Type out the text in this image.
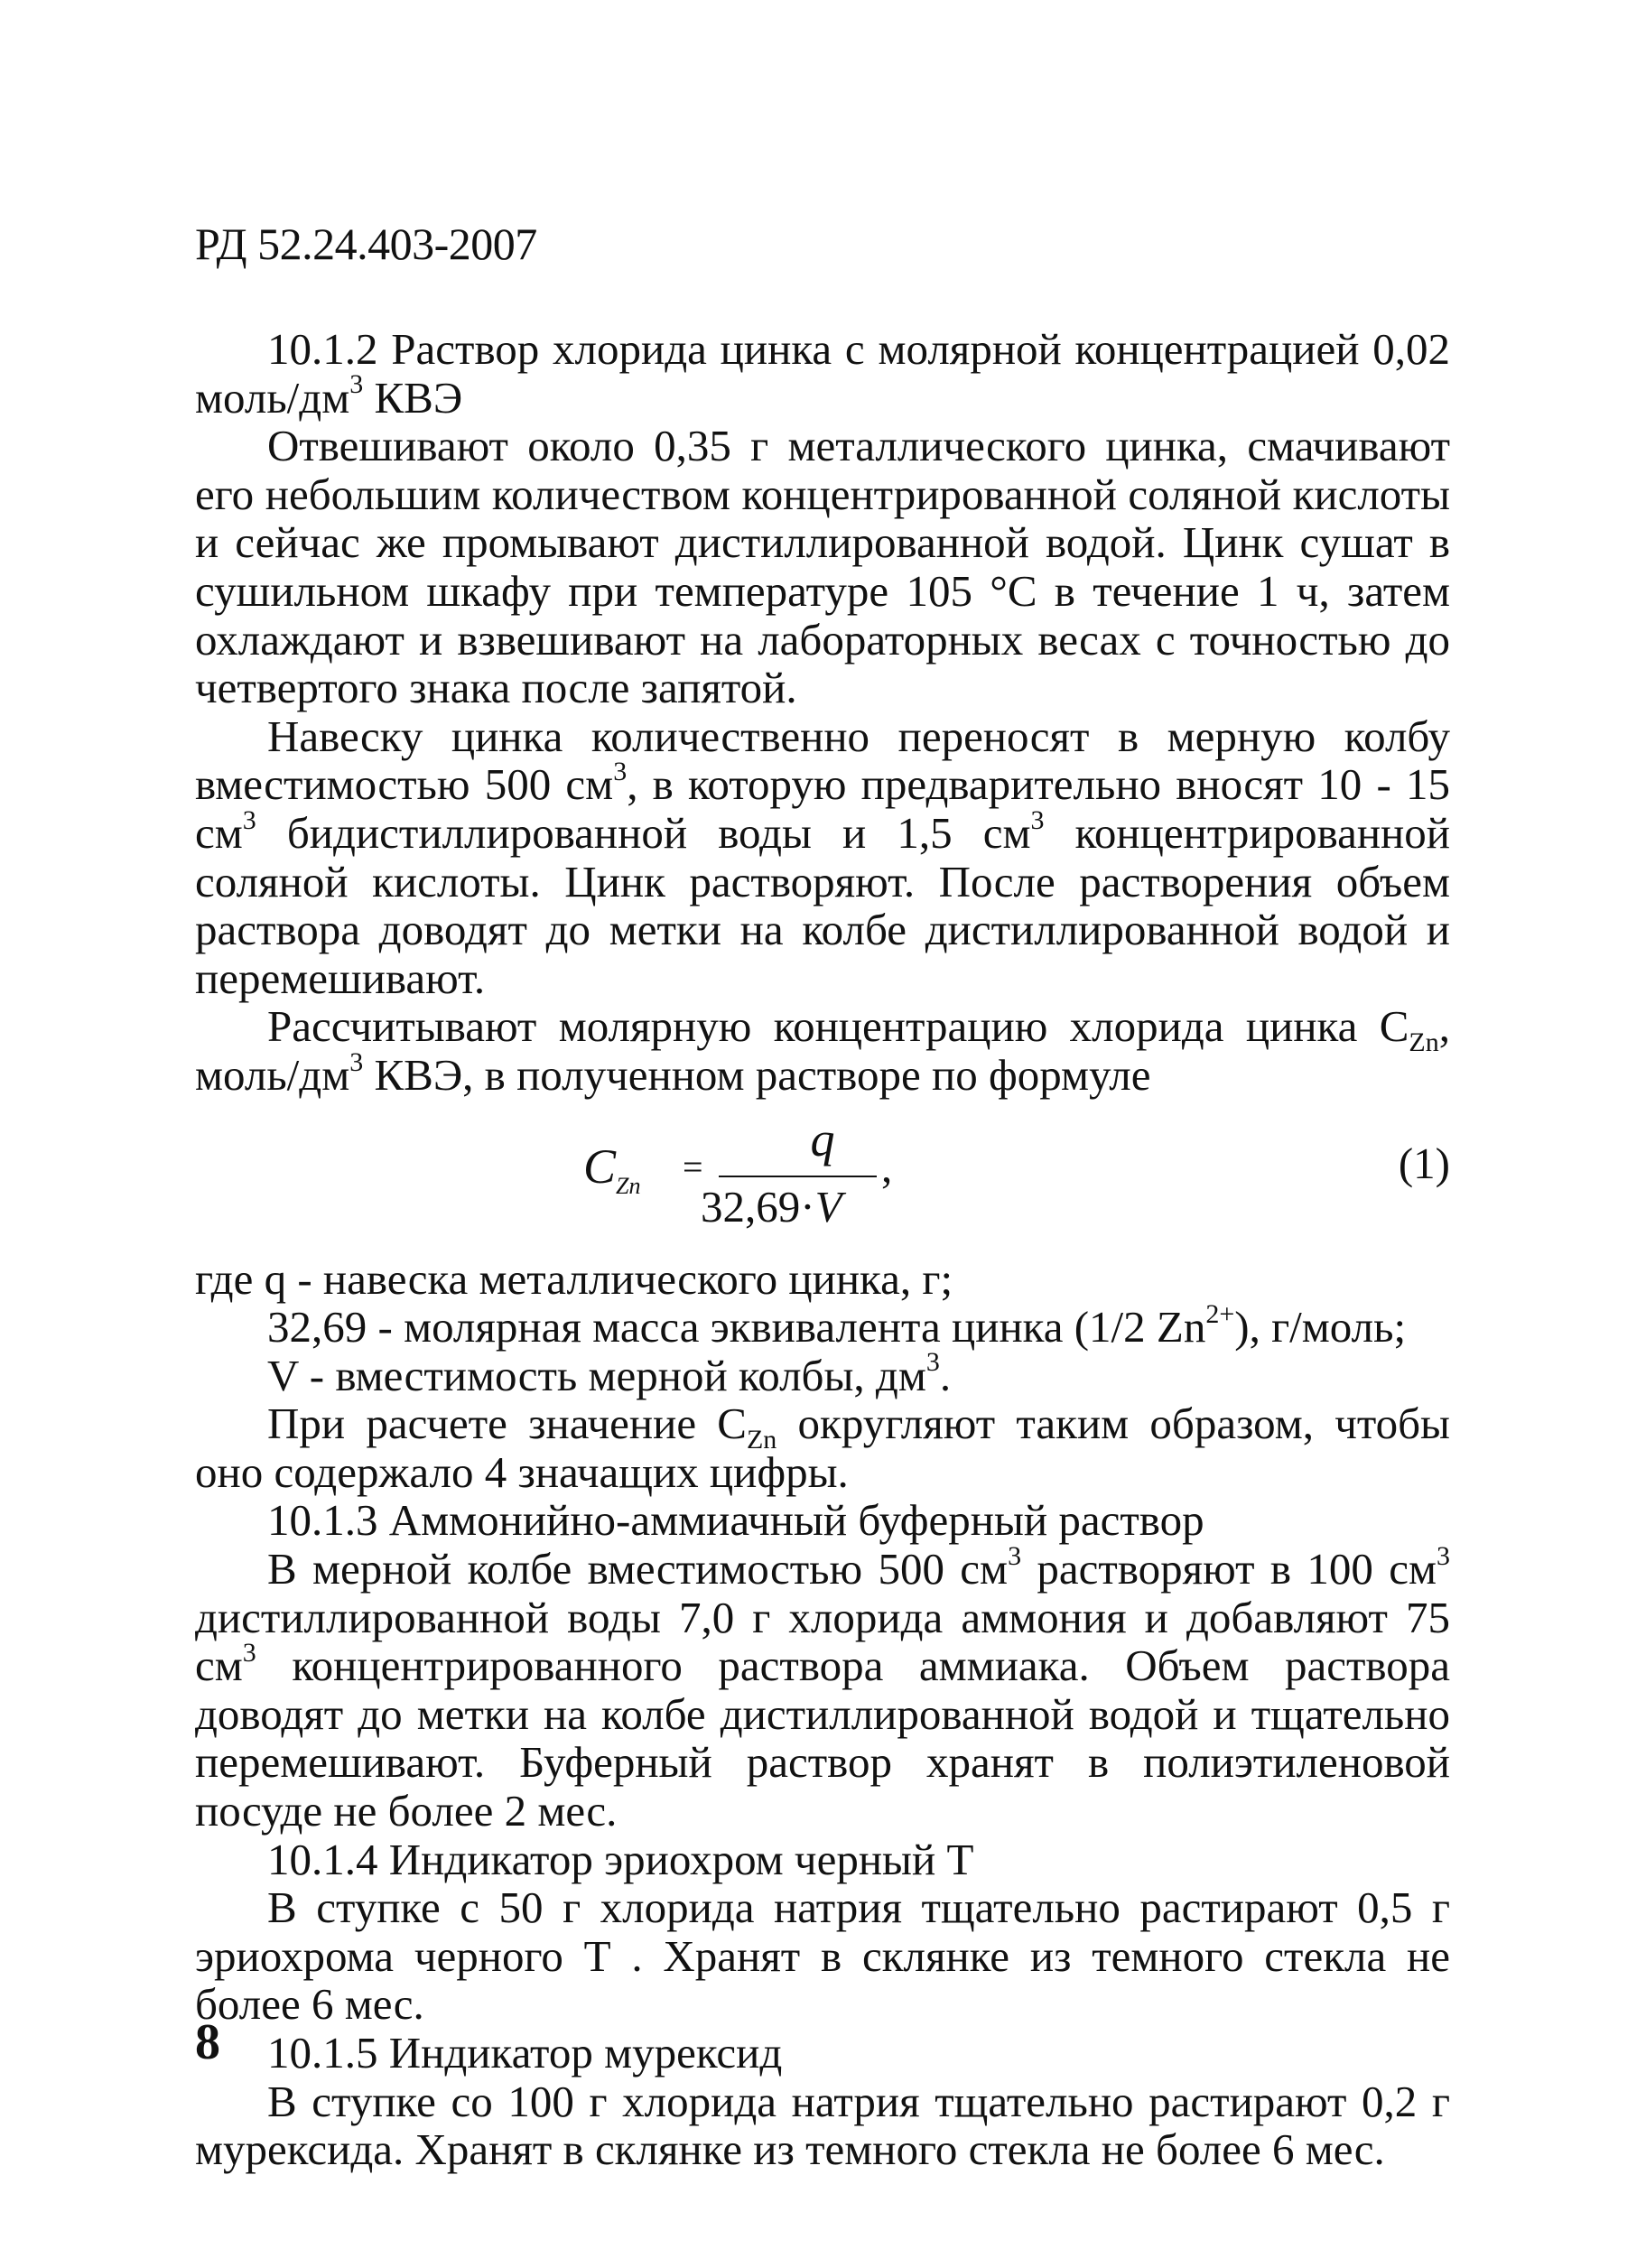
РД 52.24.403-2007

10.1.2 Раствор хлорида цинка с молярной концентрацией 0,02 моль/$дм^3$ КВЭ

Отвешивают около 0,35 г металлического цинка, смачивают его небольшим количеством концентрированной соляной кислоты и сейчас же промывают дистиллированной водой. Цинк сушат в сушильном шкафу при температуре 105 °С в течение 1 ч, затем охлаждают и взвешивают на лабораторных весах с точностью до четвертого знака после запятой.

Навеску цинка количественно переносят в мерную колбу вместимостью 500 $см^3$, в которую предварительно вносят 10 - 15 $см^3$ бидистиллированной воды и 1,5 $см^3$ концентрированной соляной кислоты. Цинк растворяют. После растворения объем раствора доводят до метки на колбе дистиллированной водой и перемешивают.

Рассчитывают молярную концентрацию хлорида цинка $С_{Zn}$, моль/$дм^3$ КВЭ, в полученном растворе по формуле

$C_{Zn}$ =
q
32,69·V
,	(1)

где q - навеска металлического цинка, г;

32,69 - молярная масса эквивалента цинка (1/2 $Zn^{2+}$), г/моль;

V - вместимость мерной колбы, $дм^3$.

При расчете значение $С_{Zn}$ округляют таким образом, чтобы оно содержало 4 значащих цифры.

10.1.3 Аммонийно-аммиачный буферный раствор

В мерной колбе вместимостью 500 $см^3$ растворяют в 100 $см^3$ дистиллированной воды 7,0 г хлорида аммония и добавляют 75 $см^3$ концентрированного раствора аммиака. Объем раствора доводят до метки на колбе дистиллированной водой и тщательно перемешивают. Буферный раствор хранят в полиэтиленовой посуде не более 2 мес.

10.1.4 Индикатор эриохром черный Т

В ступке с 50 г хлорида натрия тщательно растирают 0,5 г эриохрома черного Т . Хранят в склянке из темного стекла не более 6 мес.

10.1.5 Индикатор мурексид

В ступке со 100 г хлорида натрия тщательно растирают 0,2 г мурексида. Хранят в склянке из темного стекла не более 6 мес.

8
